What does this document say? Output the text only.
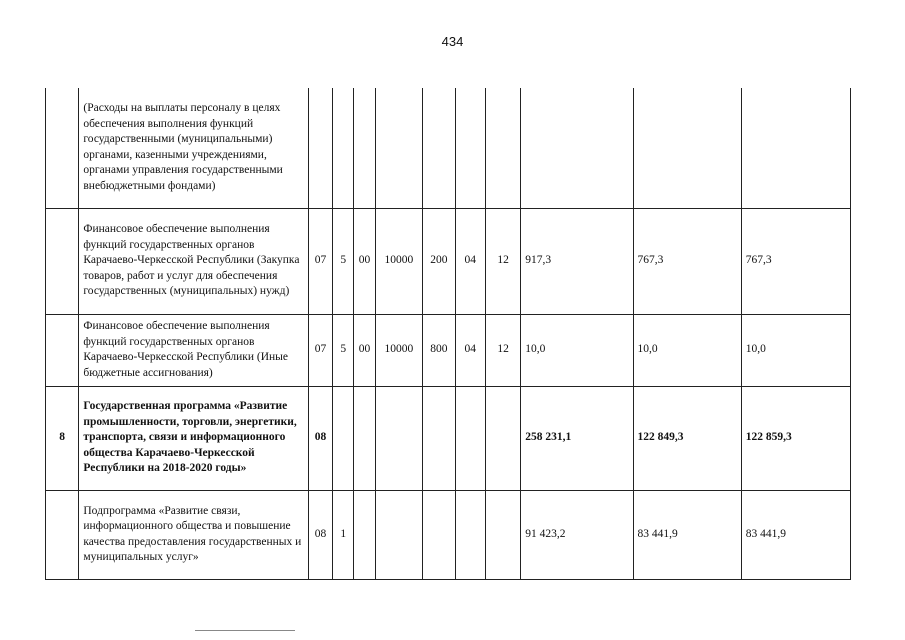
434
	(Расходы на выплаты персоналу в целях обеспечения выполнения функций государственными (муниципальными) органами, казенными учреждениями, органами управления государственными внебюджетными фондами)										
	Финансовое обеспечение выполнения функций государственных органов Карачаево-Черкесской Республики (Закупка товаров, работ и услуг для обеспечения государственных (муниципальных) нужд)	07	5	00	10000	200	04	12	917,3	767,3	767,3
	Финансовое обеспечение выполнения функций государственных органов Карачаево-Черкесской Республики (Иные бюджетные ассигнования)	07	5	00	10000	800	04	12	10,0	10,0	10,0
8	Государственная программа «Развитие промышленности, торговли, энергетики, транспорта, связи и информационного общества Карачаево-Черкесской Республики на 2018-2020 годы»	08							258 231,1	122 849,3	122 859,3
	Подпрограмма «Развитие связи, информационного общества и повышение качества предоставления государственных и муниципальных услуг»	08	1						91 423,2	83 441,9	83 441,9
